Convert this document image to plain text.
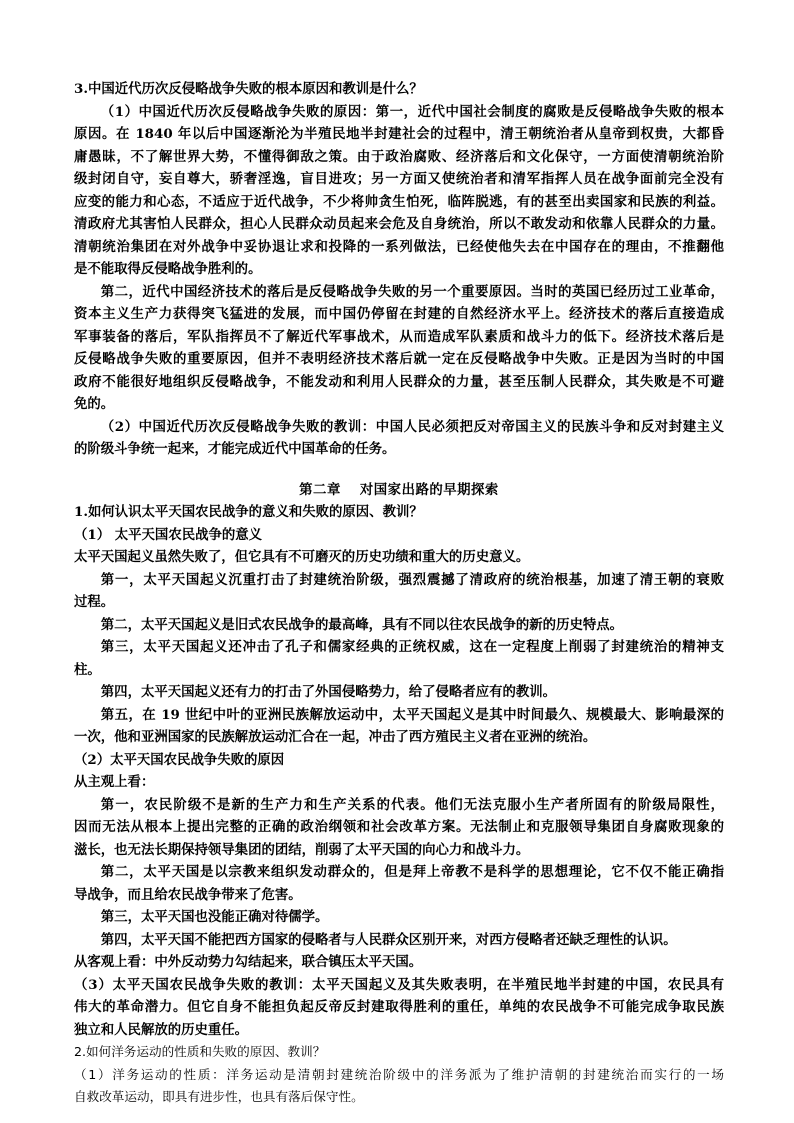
3.中国近代历次反侵略战争失败的根本原因和教训是什么？

（1）中国近代历次反侵略战争失败的原因：第一，近代中国社会制度的腐败是反侵略战争失败的根本

原因。在 1840 年以后中国逐渐沦为半殖民地半封建社会的过程中，清王朝统治者从皇帝到权贵，大都昏

庸愚昧，不了解世界大势，不懂得御敌之策。由于政治腐败、经济落后和文化保守，一方面使清朝统治阶

级封闭自守，妄自尊大，骄奢淫逸，盲目进攻；另一方面又使统治者和清军指挥人员在战争面前完全没有

应变的能力和心态，不适应于近代战争，不少将帅贪生怕死，临阵脱逃，有的甚至出卖国家和民族的利益。

清政府尤其害怕人民群众，担心人民群众动员起来会危及自身统治，所以不敢发动和依靠人民群众的力量。

清朝统治集团在对外战争中妥协退让求和投降的一系列做法，已经使他失去在中国存在的理由，不推翻他

是不能取得反侵略战争胜利的。

第二，近代中国经济技术的落后是反侵略战争失败的另一个重要原因。当时的英国已经历过工业革命，

资本主义生产力获得突飞猛进的发展，而中国仍停留在封建的自然经济水平上。经济技术的落后直接造成

军事装备的落后，军队指挥员不了解近代军事战术，从而造成军队素质和战斗力的低下。经济技术落后是

反侵略战争失败的重要原因，但并不表明经济技术落后就一定在反侵略战争中失败。正是因为当时的中国

政府不能很好地组织反侵略战争，不能发动和利用人民群众的力量，甚至压制人民群众，其失败是不可避

免的。

（2）中国近代历次反侵略战争失败的教训：中国人民必须把反对帝国主义的民族斗争和反对封建主义

的阶级斗争统一起来，才能完成近代中国革命的任务。

第二章　 对国家出路的早期探索

1.如何认识太平天国农民战争的意义和失败的原因、教训？

（1） 太平天国农民战争的意义

太平天国起义虽然失败了，但它具有不可磨灭的历史功绩和重大的历史意义。

第一，太平天国起义沉重打击了封建统治阶级，强烈震撼了清政府的统治根基，加速了清王朝的衰败

过程。

第二，太平天国起义是旧式农民战争的最高峰，具有不同以往农民战争的新的历史特点。

第三，太平天国起义还冲击了孔子和儒家经典的正统权威，这在一定程度上削弱了封建统治的精神支

柱。

第四，太平天国起义还有力的打击了外国侵略势力，给了侵略者应有的教训。

第五，在 19 世纪中叶的亚洲民族解放运动中，太平天国起义是其中时间最久、规模最大、影响最深的

一次，他和亚洲国家的民族解放运动汇合在一起，冲击了西方殖民主义者在亚洲的统治。

（2）太平天国农民战争失败的原因

从主观上看：

第一，农民阶级不是新的生产力和生产关系的代表。他们无法克服小生产者所固有的阶级局限性，

因而无法从根本上提出完整的正确的政治纲领和社会改革方案。无法制止和克服领导集团自身腐败现象的

滋长，也无法长期保持领导集团的团结，削弱了太平天国的向心力和战斗力。

第二，太平天国是以宗教来组织发动群众的，但是拜上帝教不是科学的思想理论，它不仅不能正确指

导战争，而且给农民战争带来了危害。

第三，太平天国也没能正确对待儒学。

第四，太平天国不能把西方国家的侵略者与人民群众区别开来，对西方侵略者还缺乏理性的认识。

从客观上看：中外反动势力勾结起来，联合镇压太平天国。

（3）太平天国农民战争失败的教训：太平天国起义及其失败表明，在半殖民地半封建的中国，农民具有

伟大的革命潜力。但它自身不能担负起反帝反封建取得胜利的重任，单纯的农民战争不可能完成争取民族

独立和人民解放的历史重任。

2.如何洋务运动的性质和失败的原因、教训？

（1）洋务运动的性质：洋务运动是清朝封建统治阶级中的洋务派为了维护清朝的封建统治而实行的一场

自救改革运动，即具有进步性，也具有落后保守性。
